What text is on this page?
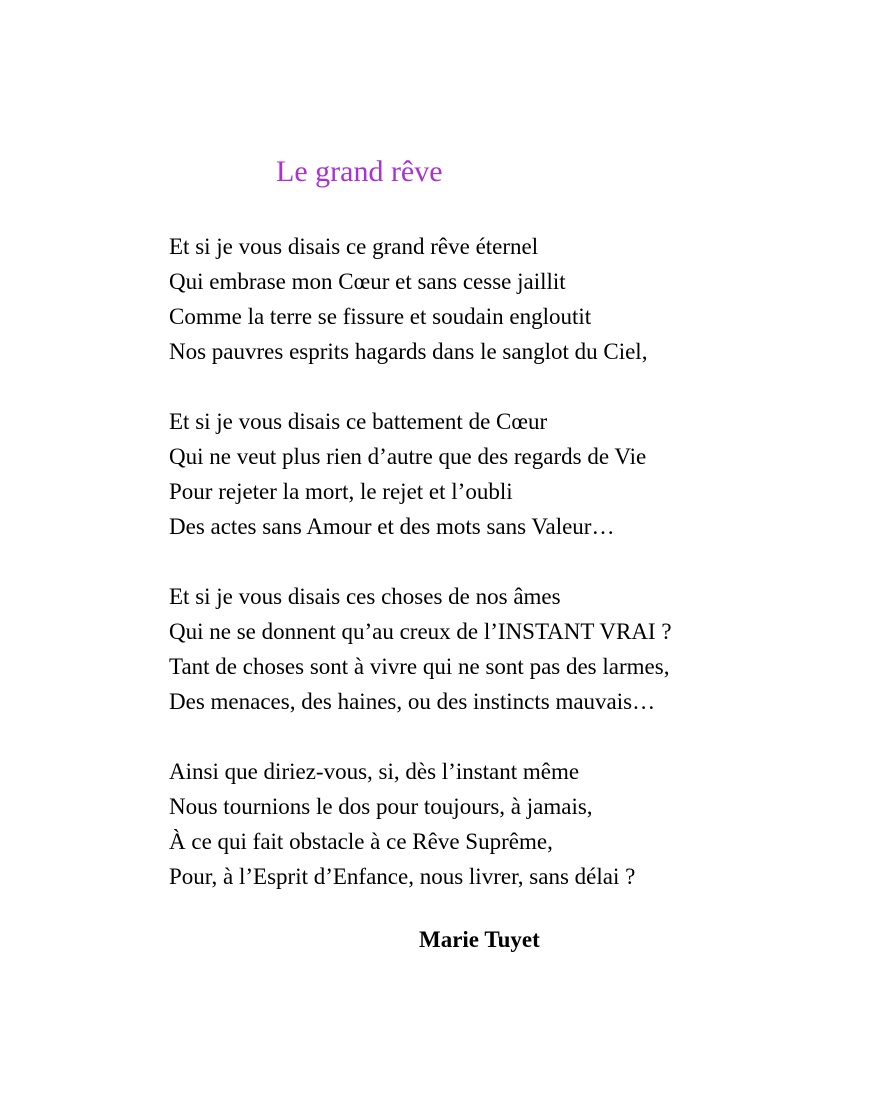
Le grand rêve
Et si je vous disais ce grand rêve éternel
Qui embrase mon Cœur et sans cesse jaillit
Comme la terre se fissure et soudain engloutit
Nos pauvres esprits hagards dans le sanglot du Ciel,
Et si je vous disais ce battement de Cœur
Qui ne veut plus rien d’autre que des regards de Vie
Pour rejeter la mort, le rejet et l’oubli
Des actes sans Amour et des mots sans Valeur…
Et si je vous disais ces choses de nos âmes
Qui ne se donnent qu’au creux de l’INSTANT VRAI ?
Tant de choses sont à vivre qui ne sont pas des larmes,
Des menaces, des haines, ou des instincts mauvais…
Ainsi que diriez-vous, si, dès l’instant même
Nous tournions le dos pour toujours, à jamais,
À ce qui fait obstacle à ce Rêve Suprême,
Pour, à l’Esprit d’Enfance, nous livrer, sans délai ?
Marie Tuyet
